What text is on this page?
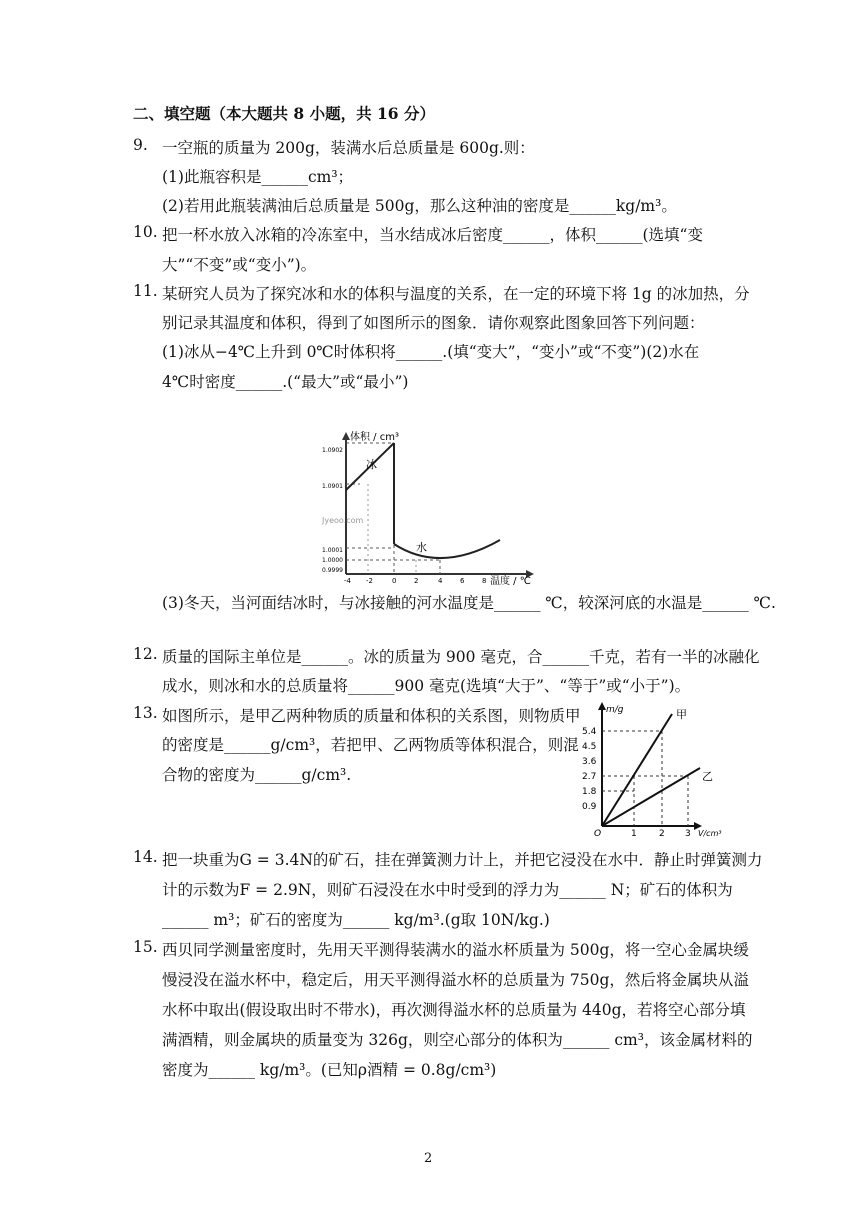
二、填空题（本大题共 8 小题，共 16 分）
9. 一空瓶的质量为 200g，装满水后总质量是 600g.则：
(1)此瓶容积是______cm³；
(2)若用此瓶装满油后总质量是 500g，那么这种油的密度是______kg/m³。
10. 把一杯水放入冰箱的冷冻室中，当水结成冰后密度______，体积______(选填“变
大”“不变”或“变小”)。
11. 某研究人员为了探究冰和水的体积与温度的关系，在一定的环境下将 1g 的冰加热，分
别记录其温度和体积，得到了如图所示的图象．请你观察此图象回答下列问题：
(1)冰从−4℃上升到 0℃时体积将______.(填“变大”，“变小”或“不变”)(2)水在
4℃时密度______.(“最大”或“最小”)
体积 / cm³
冰
水
Jyeoo.com
温度 / ℃
1.0902
1.0901
1.0001
1.0000
0.9999
-4 -2	0	2	4	6	8
(3)冬天，当河面结冰时，与冰接触的河水温度是______ ℃，较深河底的水温是______ ℃.
12. 质量的国际主单位是______。冰的质量为 900 毫克，合______千克，若有一半的冰融化
成水，则冰和水的总质量将______900 毫克(选填“大于”、“等于”或“小于”)。
13. 如图所示，是甲乙两种物质的质量和体积的关系图，则物质甲
的密度是______g/cm³，若把甲、乙两物质等体积混合，则混
合物的密度为______g/cm³.
m/g	甲
乙
O	V/cm³
5.4
4.5
3.6
2.7
1.8
0.9
1 2 3
14. 把一块重为G = 3.4N的矿石，挂在弹簧测力计上，并把它浸没在水中．静止时弹簧测力
计的示数为F = 2.9N，则矿石浸没在水中时受到的浮力为______ N；矿石的体积为
______ m³；矿石的密度为______ kg/m³.(g取 10N/kg.)
15. 西贝同学测量密度时，先用天平测得装满水的溢水杯质量为 500g，将一空心金属块缓
慢浸没在溢水杯中，稳定后，用天平测得溢水杯的总质量为 750g，然后将金属块从溢
水杯中取出(假设取出时不带水)，再次测得溢水杯的总质量为 440g，若将空心部分填
满酒精，则金属块的质量变为 326g，则空心部分的体积为______ cm³，该金属材料的
密度为______ kg/m³。(已知ρ酒精 = 0.8g/cm³)
2
